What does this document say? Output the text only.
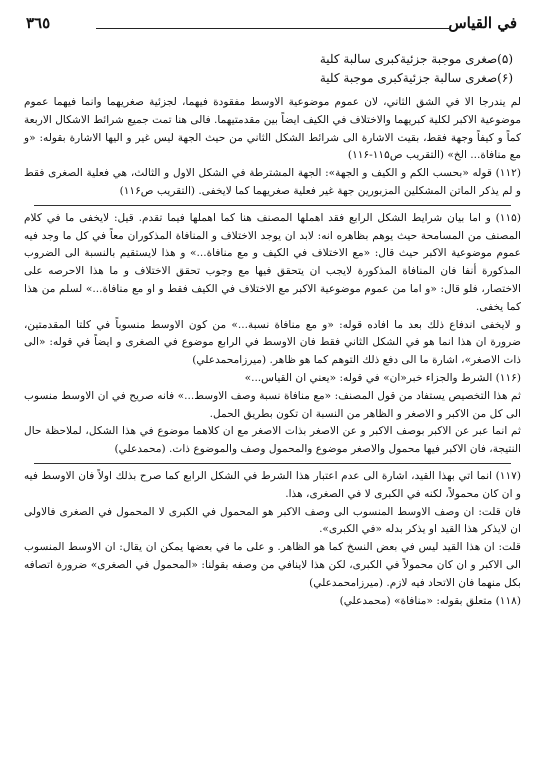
في القياس
٣٦٥
(۵)صغرى موجبة جزئية
كبرى سالبة كلية
(۶)صغرى سالبة جزئية
كبرى موجبة كلية

لم يندرجا الا في الشق الثاني، لان عموم موضوعية الاوسط مفقودة فيهما، لجزئية صغريهما وانما فيهما عموم موضوعية الاكبر لكلية كبريهما والاختلاف في الكيف ايضاً بين مقدمتيهما. فالى هنا تمت جميع شرائط الاشكال الاربعة كماً و كيفاً وجهة فقط، بقيت الاشارة الى شرائط الشكل الثاني من حيث الجهة ليس غير و اليها الاشارة بقوله: «و مع منافاة... الخ» (التقريب ص١١۵-١١۶)

(١١٢) قوله «بحسب الكم و الكيف و الجهة»: الجهة المشترطة في الشكل الاول و الثالث، هي فعلية الصغرى فقط و لم يذكر الماتن المشكلين المزبورين جهة غير فعلية صغريهما كما لايخفى. (التقريب ص١١۶)

(١١۵) و اما بيان شرايط الشكل الرابع فقد اهملها المصنف هنا كما اهملها فيما تقدم. قيل: لايخفى ما في كلام المصنف من المسامحة حيث يوهم بظاهره انه: لابد ان يوجد الاختلاف و المنافاة المذكوران معاً في كل ما وجد فيه عموم موضوعية الاكبر حيث قال: «مع الاختلاف في الكيف و مع منافاة...» و هذا لايستقيم بالنسبة الى الضروب المذكورة أنفا فان المنافاة المذكورة لايجب ان يتحقق فيها مع وجوب تحقق الاختلاف و ما هذا الاحرصه على الاختصار، فلو قال: «و اما من عموم موضوعية الاكبر مع الاختلاف في الكيف فقط و او مع منافاة...» لسلم من هذا كما يخفى.

و لايخفى اندفاع ذلك بعد ما افاده قوله: «و مع منافاة نسبة...» من كون الاوسط منسوباً في كلتا المقدمتين، ضرورة ان هذا انما هو في الشكل الثاني فقط فان الاوسط في الرابع موضوع في الصغرى و ايضاً في قوله: «الى ذات الاصغر»، اشارة ما الى دفع ذلك التوهم كما هو ظاهر. (ميرزامحمدعلي)

(١١۶) الشرط والجزاء خبر«ان» في قوله: «يعني ان القياس...»

ثم هذا التخصيص يستفاد من قول المصنف: «مع منافاة نسبة وصف الاوسط...» فانه صريح في ان الاوسط منسوب الى كل من الاكبر و الاصغر و الظاهر من النسبة ان تكون بطريق الحمل.

ثم انما عبر عن الاكبر بوصف الاكبر و عن الاصغر بذات الاصغر مع ان كلاهما موضوع في هذا الشكل، لملاحظة حال النتيجة، فان الاكبر فيها محمول والاصغر موضوع والمحمول وصف والموضوع ذات. (محمدعلي)

(١١٧) انما اتي بهذا القيد، اشارة الى عدم اعتبار هذا الشرط في الشكل الرابع كما صرح بذلك اولاً فان الاوسط فيه و ان كان محمولاً، لكنه في الكبرى لا في الصغرى، هذا.

فان قلت: ان وصف الاوسط المنسوب الى وصف الاكبر هو المحمول في الكبرى لا المحمول في الصغرى فالاولى ان لايذكر هذا القيد او يذكر بدله «في الكبرى».

قلت: ان هذا القيد ليس في بعض النسخ كما هو الظاهر. و على ما في بعضها يمكن ان يقال: ان الاوسط المنسوب الى الاكبر و ان كان محمولاً في الكبرى، لكن هذا لاينافي من وصفه بقولنا: «المحمول في الصغرى» ضرورة اتصافه بكل منهما فان الاتحاد فيه لازم. (ميرزامحمدعلي)

(١١٨) متعلق بقوله: «منافاة» (محمدعلي)
